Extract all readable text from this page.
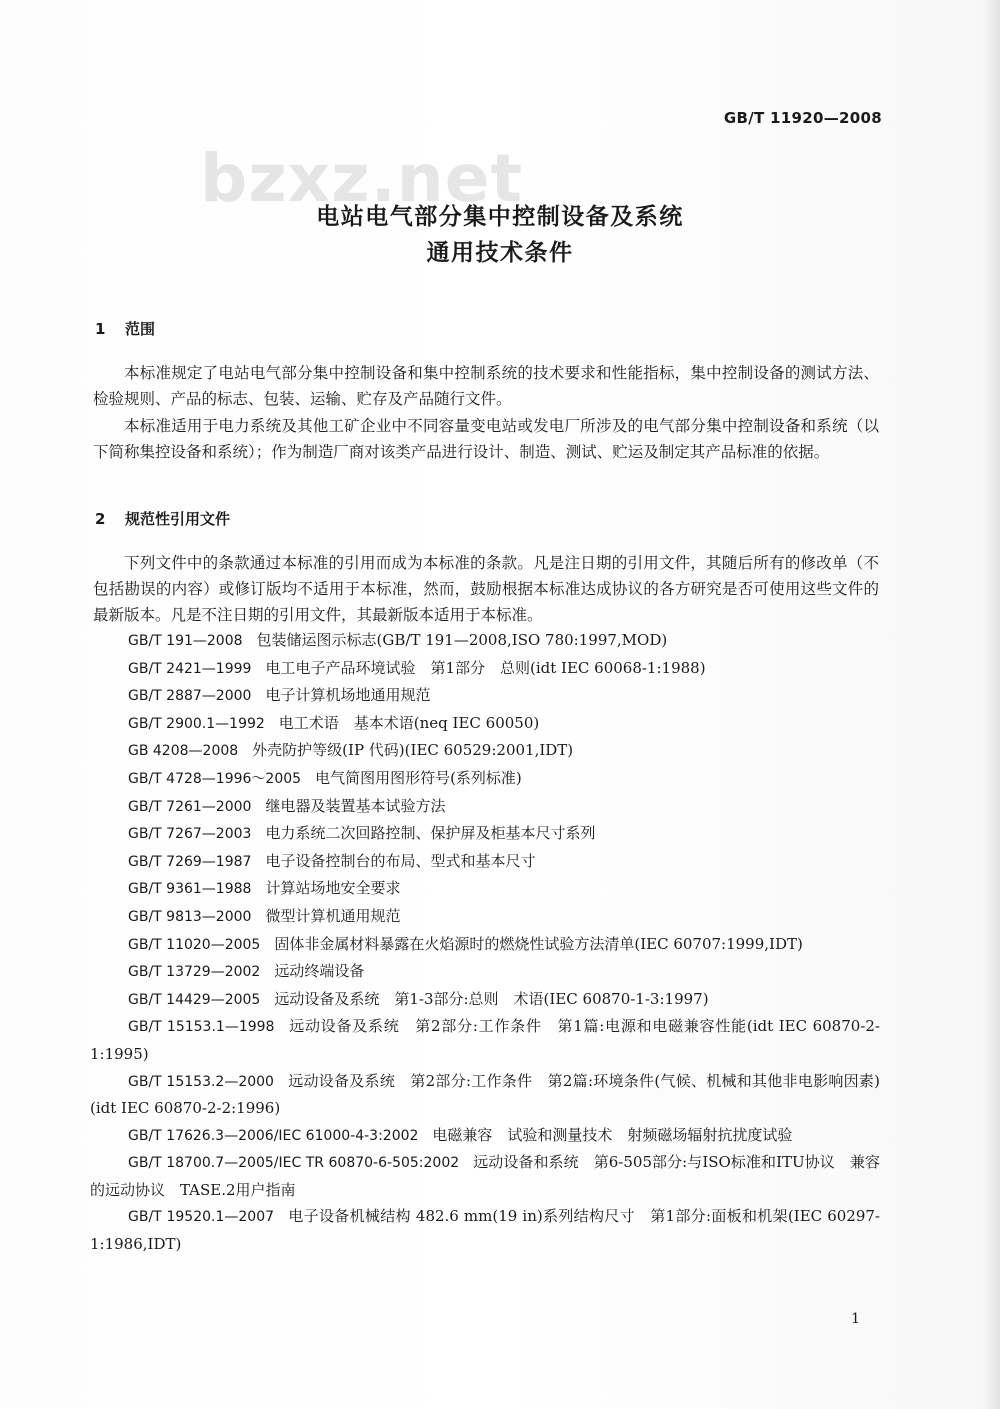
GB/T 11920—2008
bzxz.net
电站电气部分集中控制设备及系统
通用技术条件
1 范围
本标准规定了电站电气部分集中控制设备和集中控制系统的技术要求和性能指标，集中控制设备的测试方法、检验规则、产品的标志、包装、运输、贮存及产品随行文件。
本标准适用于电力系统及其他工矿企业中不同容量变电站或发电厂所涉及的电气部分集中控制设备和系统（以下简称集控设备和系统）；作为制造厂商对该类产品进行设计、制造、测试、贮运及制定其产品标准的依据。
2 规范性引用文件
下列文件中的条款通过本标准的引用而成为本标准的条款。凡是注日期的引用文件，其随后所有的修改单（不包括勘误的内容）或修订版均不适用于本标准，然而，鼓励根据本标准达成协议的各方研究是否可使用这些文件的最新版本。凡是不注日期的引用文件，其最新版本适用于本标准。
GB/T 191—2008 包装储运图示标志(GB/T 191—2008,ISO 780:1997,MOD)
GB/T 2421—1999 电工电子产品环境试验　第1部分　总则(idt IEC 60068-1:1988)
GB/T 2887—2000 电子计算机场地通用规范
GB/T 2900.1—1992 电工术语　基本术语(neq IEC 60050)
GB 4208—2008 外壳防护等级(IP 代码)(IEC 60529:2001,IDT)
GB/T 4728—1996～2005 电气简图用图形符号(系列标准)
GB/T 7261—2000 继电器及装置基本试验方法
GB/T 7267—2003 电力系统二次回路控制、保护屏及柜基本尺寸系列
GB/T 7269—1987 电子设备控制台的布局、型式和基本尺寸
GB/T 9361—1988 计算站场地安全要求
GB/T 9813—2000 微型计算机通用规范
GB/T 11020—2005 固体非金属材料暴露在火焰源时的燃烧性试验方法清单(IEC 60707:1999,IDT)
GB/T 13729—2002 远动终端设备
GB/T 14429—2005 远动设备及系统　第1-3部分:总则　术语(IEC 60870-1-3:1997)
GB/T 15153.1—1998 远动设备及系统　第2部分:工作条件　第1篇:电源和电磁兼容性能(idt IEC 60870-2-1:1995)
GB/T 15153.2—2000 远动设备及系统　第2部分:工作条件　第2篇:环境条件(气候、机械和其他非电影响因素)(idt IEC 60870-2-2:1996)
GB/T 17626.3—2006/IEC 61000-4-3:2002 电磁兼容　试验和测量技术　射频磁场辐射抗扰度试验
GB/T 18700.7—2005/IEC TR 60870-6-505:2002 远动设备和系统　第6-505部分:与ISO标准和ITU协议　兼容的远动协议　TASE.2用户指南
GB/T 19520.1—2007 电子设备机械结构 482.6 mm(19 in)系列结构尺寸　第1部分:面板和机架(IEC 60297-1:1986,IDT)
1
